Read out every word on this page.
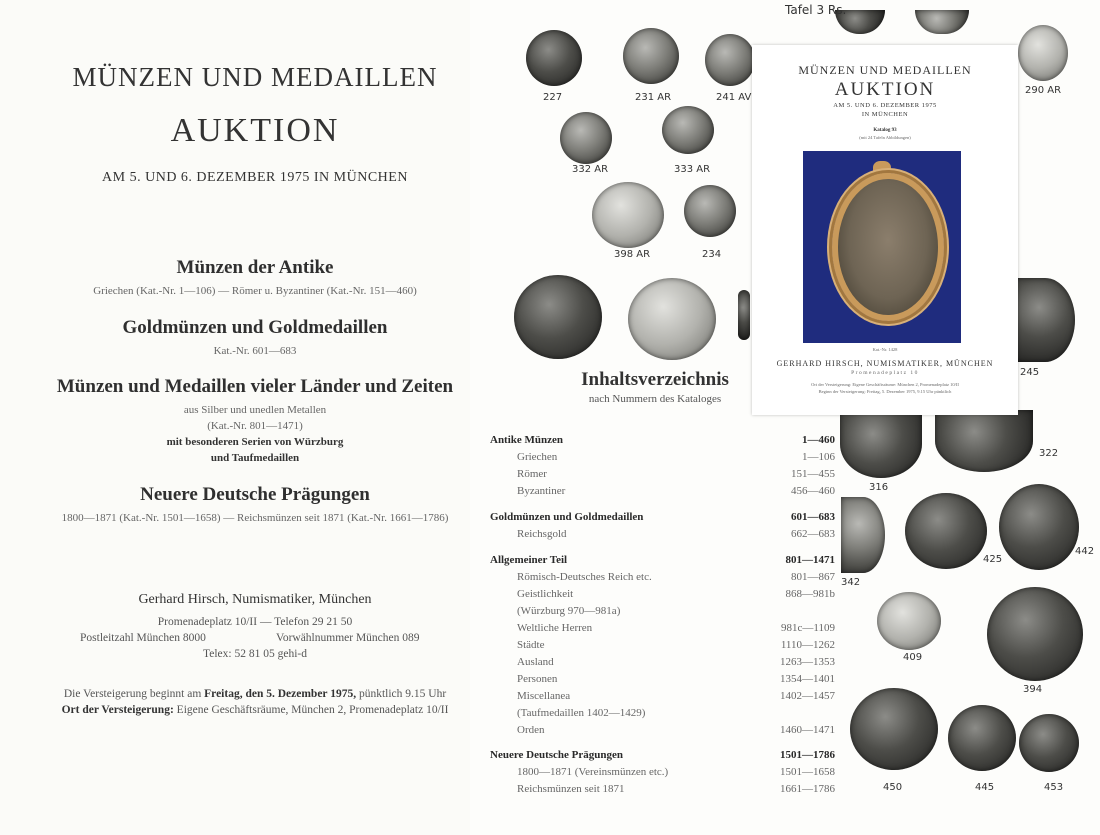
MÜNZEN UND MEDAILLEN
AUKTION
AM 5. UND 6. DEZEMBER 1975 IN MÜNCHEN
Münzen der Antike
Griechen (Kat.-Nr. 1—106) — Römer u. Byzantiner (Kat.-Nr. 151—460)
Goldmünzen und Goldmedaillen
Kat.-Nr. 601—683
Münzen und Medaillen vieler Länder und Zeiten
aus Silber und unedlen Metallen
(Kat.-Nr. 801—1471)
mit besonderen Serien von Würzburg
und Taufmedaillen
Neuere Deutsche Prägungen
1800—1871 (Kat.-Nr. 1501—1658) — Reichsmünzen seit 1871 (Kat.-Nr. 1661—1786)
Gerhard Hirsch, Numismatiker, München
Promenadeplatz 10/II — Telefon 29 21 50
Postleitzahl München 8000	Vorwählnummer München 089
Telex: 52 81 05 gehi-d
Die Versteigerung beginnt am Freitag, den 5. Dezember 1975, pünktlich 9.15 Uhr
Ort der Versteigerung: Eigene Geschäftsräume, München 2, Promenadeplatz 10/II
227	231 AR	241 AV
332 AR	333 AR
398 AR	234
Inhaltsverzeichnis
nach Nummern des Kataloges
Antike Münzen	1—460
Griechen	1—106
Römer	151—455
Byzantiner	456—460
Goldmünzen und Goldmedaillen	601—683
Reichsgold	662—683
Allgemeiner Teil	801—1471
Römisch-Deutsches Reich etc.	801—867
Geistlichkeit	868—981b
(Würzburg 970—981a)
Weltliche Herren	981c—1109
Städte	1110—1262
Ausland	1263—1353
Personen	1354—1401
Miscellanea	1402—1457
(Taufmedaillen 1402—1429)
Orden	1460—1471
Neuere Deutsche Prägungen	1501—1786
1800—1871 (Vereinsmünzen etc.)	1501—1658
Reichsmünzen seit 1871	1661—1786
290 AR
245
316
322
342
425
442
409
394
450	445	453
Tafel 3 Rs.
MÜNZEN UND MEDAILLEN
AUKTION
AM 5. UND 6. DEZEMBER 1975
IN MÜNCHEN
Katalog 93
(mit 24 Tafeln Abbildungen)
Kat.-Nr. 1428
GERHARD HIRSCH, NUMISMATIKER, MÜNCHEN
Promenadeplatz 10
Ort der Versteigerung: Eigene Geschäftsräume: München 2, Promenadeplatz 10/II
Beginn der Versteigerung: Freitag, 5. Dezember 1975, 9.15 Uhr pünktlich
